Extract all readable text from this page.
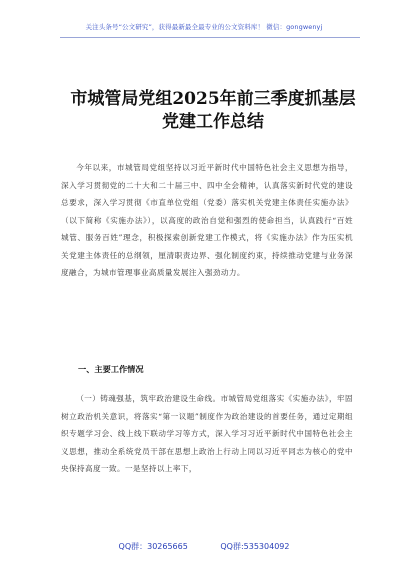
关注头条号“公文研究”，获得最新最全最专业的公文资料库！ 微信：gongwenyj
市城管局党组2025年前三季度抓基层党建工作总结

今年以来，市城管局党组坚持以习近平新时代中国特色社会主义思想为指导，深入学习贯彻党的二十大和二十届三中、四中全会精神，认真落实新时代党的建设总要求，深入学习贯彻《市直单位党组（党委）落实机关党建主体责任实施办法》（以下简称《实施办法》），以高度的政治自觉和强烈的使命担当，认真践行“百姓城管、服务百姓”理念，积极探索创新党建工作模式，将《实施办法》作为压实机关党建主体责任的总纲领，厘清职责边界、强化制度约束，持续推动党建与业务深度融合，为城市管理事业高质量发展注入强劲动力。

一、主要工作情况

（一）铸魂强基，筑牢政治建设生命线。市城管局党组落实《实施办法》，牢固树立政治机关意识，将落实“第一议题”制度作为政治建设的首要任务，通过定期组织专题学习会、线上线下联动学习等方式，深入学习习近平新时代中国特色社会主义思想，推动全系统党员干部在思想上政治上行动上同以习近平同志为核心的党中央保持高度一致。一是坚持以上率下，

QQ群：30265665	QQ群:535304092
